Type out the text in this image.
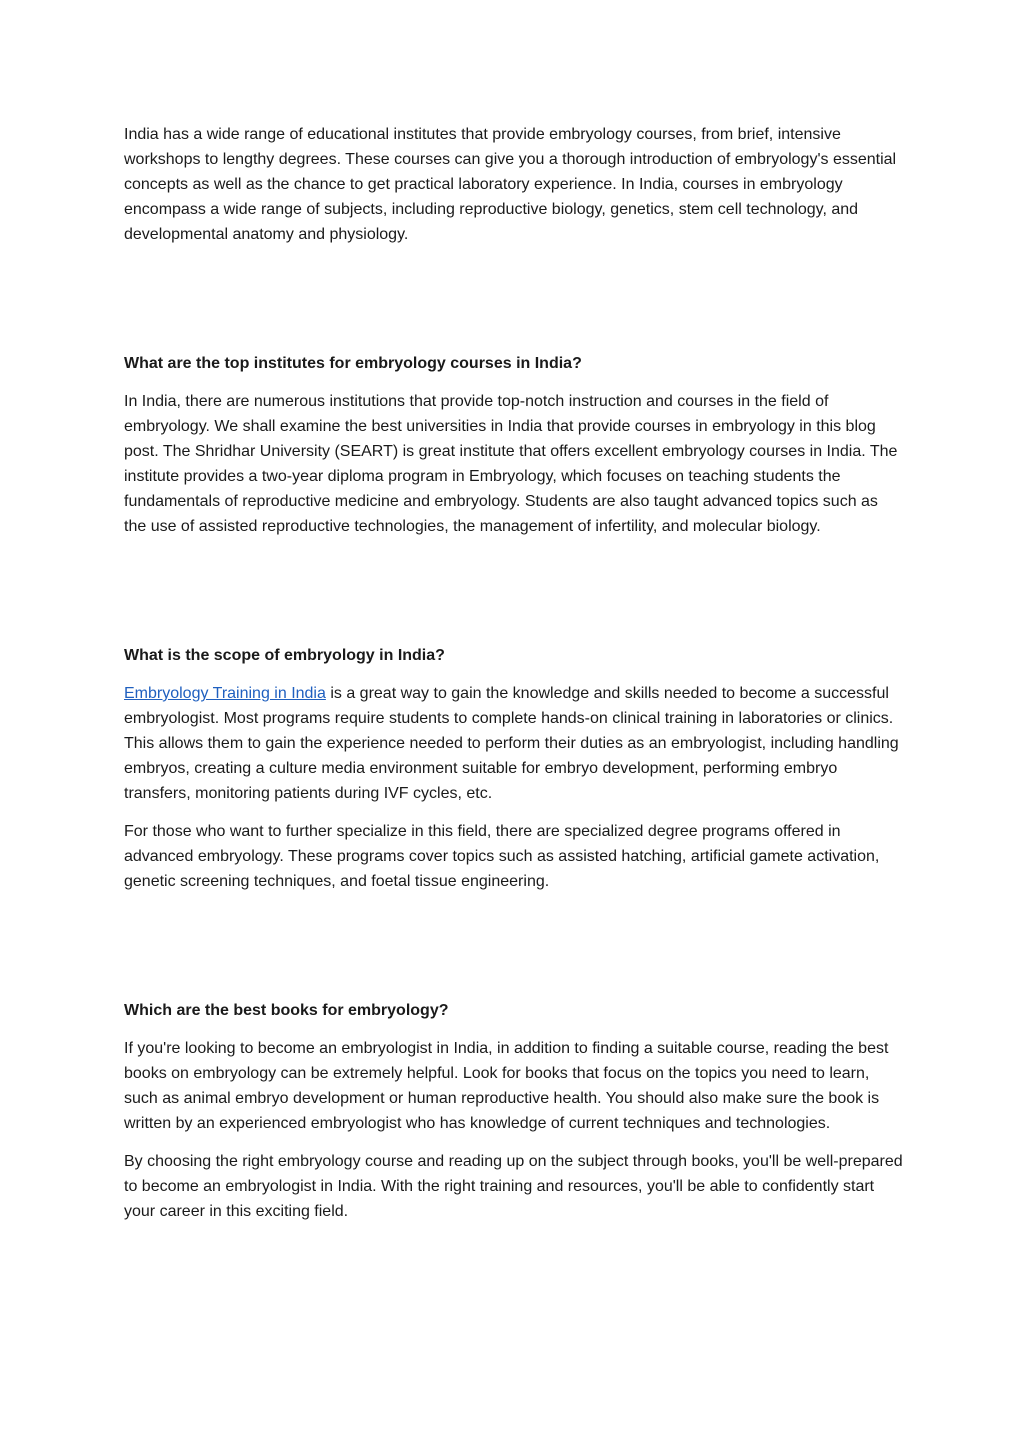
India has a wide range of educational institutes that provide embryology courses, from brief, intensive workshops to lengthy degrees. These courses can give you a thorough introduction of embryology's essential concepts as well as the chance to get practical laboratory experience. In India, courses in embryology encompass a wide range of subjects, including reproductive biology, genetics, stem cell technology, and developmental anatomy and physiology.

What are the top institutes for embryology courses in India?

In India, there are numerous institutions that provide top-notch instruction and courses in the field of embryology. We shall examine the best universities in India that provide courses in embryology in this blog post. The Shridhar University (SEART) is great institute that offers excellent embryology courses in India. The institute provides a two-year diploma program in Embryology, which focuses on teaching students the fundamentals of reproductive medicine and embryology. Students are also taught advanced topics such as the use of assisted reproductive technologies, the management of infertility, and molecular biology.

What is the scope of embryology in India?

Embryology Training in India is a great way to gain the knowledge and skills needed to become a successful embryologist. Most programs require students to complete hands-on clinical training in laboratories or clinics. This allows them to gain the experience needed to perform their duties as an embryologist, including handling embryos, creating a culture media environment suitable for embryo development, performing embryo transfers, monitoring patients during IVF cycles, etc.

For those who want to further specialize in this field, there are specialized degree programs offered in advanced embryology. These programs cover topics such as assisted hatching, artificial gamete activation, genetic screening techniques, and foetal tissue engineering.

Which are the best books for embryology?

If you're looking to become an embryologist in India, in addition to finding a suitable course, reading the best books on embryology can be extremely helpful. Look for books that focus on the topics you need to learn, such as animal embryo development or human reproductive health. You should also make sure the book is written by an experienced embryologist who has knowledge of current techniques and technologies.

By choosing the right embryology course and reading up on the subject through books, you'll be well-prepared to become an embryologist in India. With the right training and resources, you'll be able to confidently start your career in this exciting field.
